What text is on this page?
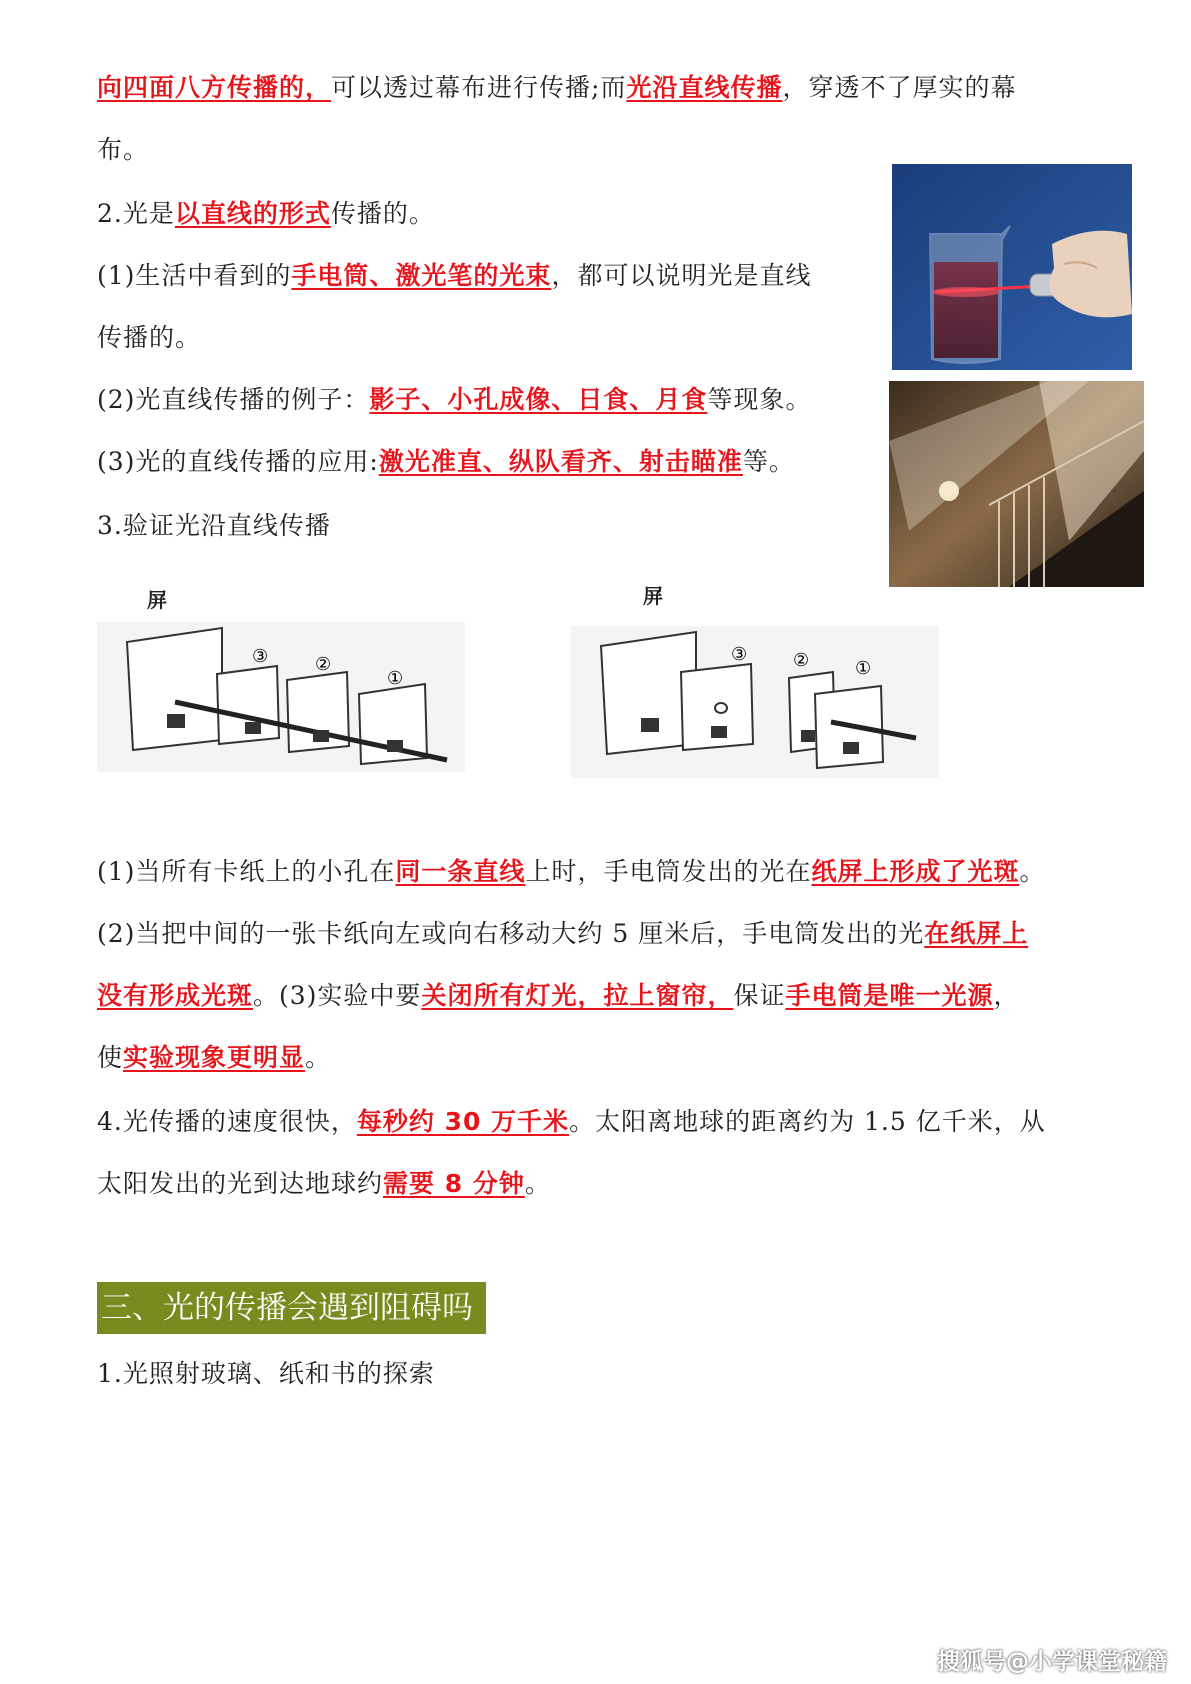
向四面八方传播的，可以透过幕布进行传播;而光沿直线传播，穿透不了厚实的幕
布。
2.光是以直线的形式传播的。
(1)生活中看到的手电筒、激光笔的光束，都可以说明光是直线
传播的。
(2)光直线传播的例子：影子、小孔成像、日食、月食等现象。
(3)光的直线传播的应用:激光准直、纵队看齐、射击瞄准等。
3.验证光沿直线传播
屏	屏
③	②
①
③	②	①
(1)当所有卡纸上的小孔在同一条直线上时，手电筒发出的光在纸屏上形成了光斑。
(2)当把中间的一张卡纸向左或向右移动大约 5 厘米后，手电筒发出的光在纸屏上
没有形成光斑。(3)实验中要关闭所有灯光，拉上窗帘，保证手电筒是唯一光源，
使实验现象更明显。
4.光传播的速度很快，每秒约 30 万千米。太阳离地球的距离约为 1.5 亿千米，从
太阳发出的光到达地球约需要 8 分钟。
三、光的传播会遇到阻碍吗
1.光照射玻璃、纸和书的探索
搜狐号@小学课堂秘籍
